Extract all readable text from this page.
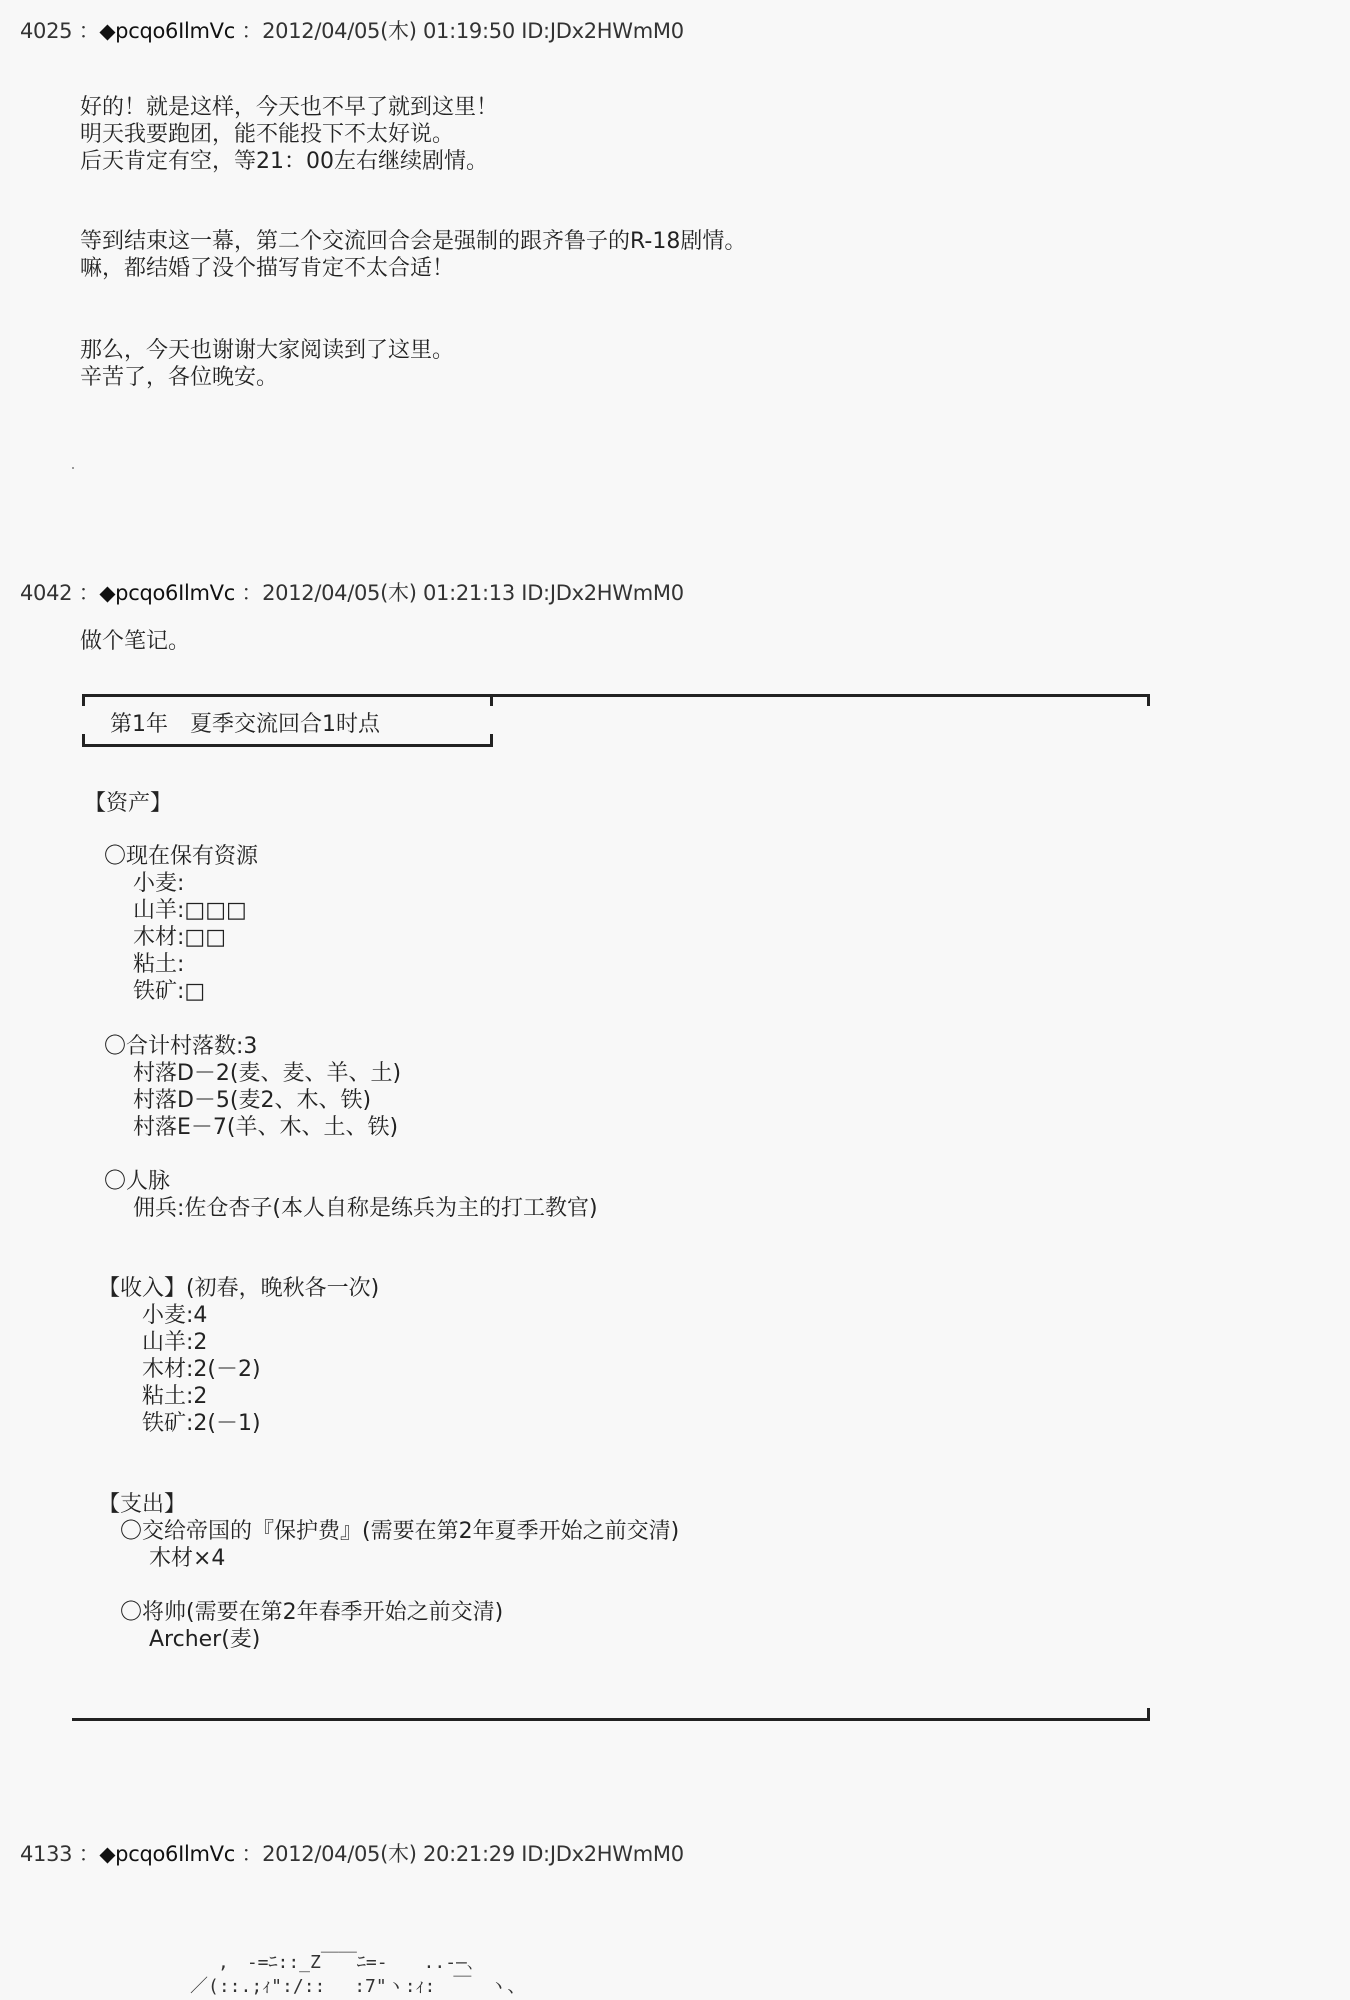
4025 ：◆pcqo6IlmVc ：2012/04/05(木) 01:19:50 ID:JDx2HWmM0
好的！就是这样，今天也不早了就到这里！
明天我要跑团，能不能投下不太好说。
后天肯定有空，等21：00左右继续剧情。
等到结束这一幕，第二个交流回合会是强制的跟齐鲁子的R-18剧情。
嘛，都结婚了没个描写肯定不太合适！
那么，今天也谢谢大家阅读到了这里。
辛苦了，各位晚安。
4042 ：◆pcqo6IlmVc ：2012/04/05(木) 01:21:13 ID:JDx2HWmM0
做个笔记。
第1年　夏季交流回合1时点
【资产】
〇现在保有资源
　 小麦:
　 山羊:□□□
　 木材:□□
　 粘土:
　 铁矿:□
〇合计村落数:3
　 村落D－2(麦、麦、羊、土)
　 村落D－5(麦2、木、铁)
　 村落E－7(羊、木、土、铁)
〇人脉
　 佣兵:佐仓杏子(本人自称是练兵为主的打工教官)
【收入】(初春，晚秋各一次)
　　小麦:4
　　山羊:2
　　木材:2(－2)
　　粘土:2
　　铁矿:2(－1)
【支出】
〇交给帝国的『保护费』(需要在第2年夏季开始之前交清)
　 木材×4
〇将帅(需要在第2年春季开始之前交清)
　 Archer(麦)
4133 ：◆pcqo6IlmVc ：2012/04/05(木) 20:21:29 ID:JDx2HWmM0
　,　-=ﾆ::_Z￣￣ﾆ=-　　..-―､
／(::.;ｨ":/::　 :7"ヽ:ｨ:　￣　ヽ、
